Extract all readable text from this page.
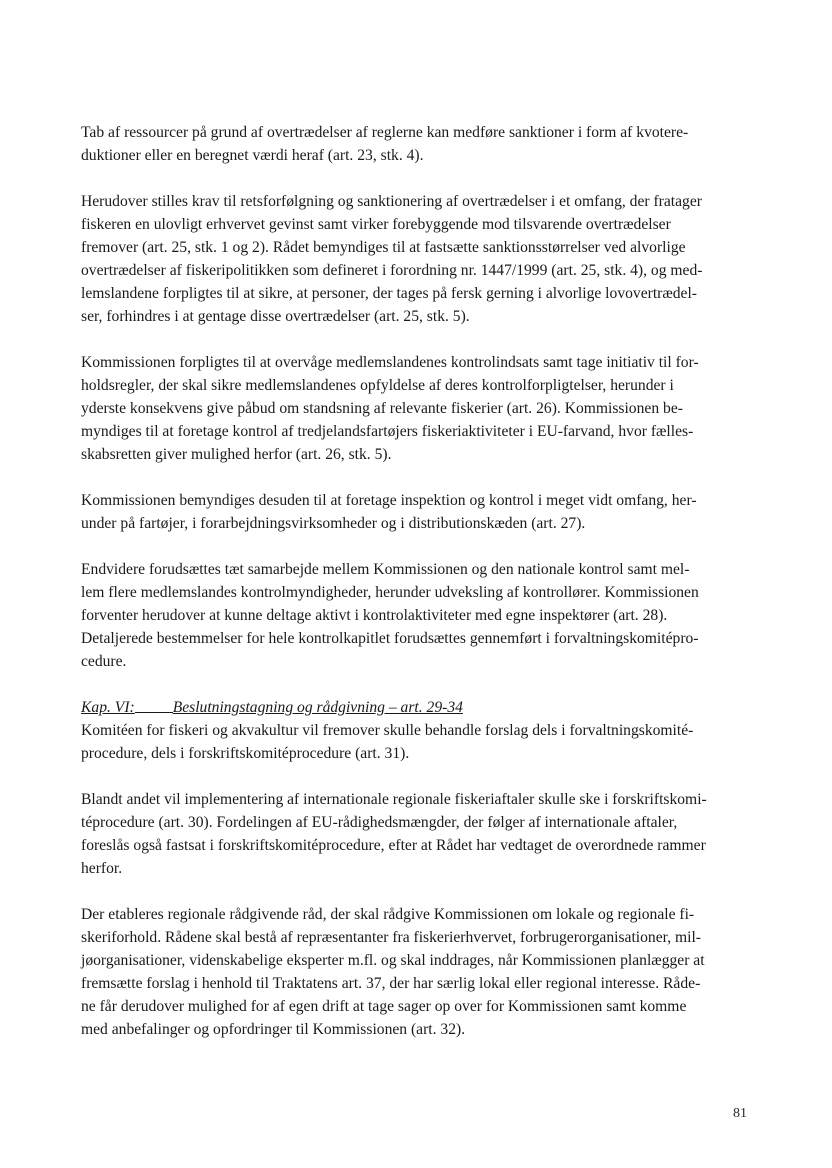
Tab af ressourcer på grund af overtrædelser af reglerne kan medføre sanktioner i form af kvotere-
duktioner eller en beregnet værdi heraf (art. 23, stk. 4).
Herudover stilles krav til retsforfølgning og sanktionering af overtrædelser i et omfang, der fratager
fiskeren en ulovligt erhvervet gevinst samt virker forebyggende mod tilsvarende overtrædelser
fremover (art. 25, stk. 1 og 2). Rådet bemyndiges til at fastsætte sanktionsstørrelser ved alvorlige
overtrædelser af fiskeripolitikken som defineret i forordning nr. 1447/1999 (art. 25, stk. 4), og med-
lemslandene forpligtes til at sikre, at personer, der tages på fersk gerning i alvorlige lovovertrædel-
ser, forhindres i at gentage disse overtrædelser (art. 25, stk. 5).
Kommissionen forpligtes til at overvåge medlemslandenes kontrolindsats samt tage initiativ til for-
holdsregler, der skal sikre medlemslandenes opfyldelse af deres kontrolforpligtelser, herunder i
yderste konsekvens give påbud om standsning af relevante fiskerier (art. 26). Kommissionen be-
myndiges til at foretage kontrol af tredjelandsfartøjers fiskeriaktiviteter i EU-farvand, hvor fælles-
skabsretten giver mulighed herfor (art. 26, stk. 5).
Kommissionen bemyndiges desuden til at foretage inspektion og kontrol i meget vidt omfang, her-
under på fartøjer, i forarbejdningsvirksomheder og i distributionskæden (art. 27).
Endvidere forudsættes tæt samarbejde mellem Kommissionen og den nationale kontrol samt mel-
lem flere medlemslandes kontrolmyndigheder, herunder udveksling af kontrollører. Kommissionen
forventer herudover at kunne deltage aktivt i kontrolaktiviteter med egne inspektører (art. 28).
Detaljerede bestemmelser for hele kontrolkapitlet forudsættes gennemført i forvaltningskomitépro-
cedure.
Kap. VI: Beslutningstagning og rådgivning – art. 29-34
Komitéen for fiskeri og akvakultur vil fremover skulle behandle forslag dels i forvaltningskomité-
procedure, dels i forskriftskomitéprocedure (art. 31).
Blandt andet vil implementering af internationale regionale fiskeriaftaler skulle ske i forskriftskomi-
téprocedure (art. 30). Fordelingen af EU-rådighedsmængder, der følger af internationale aftaler,
foreslås også fastsat i forskriftskomitéprocedure, efter at Rådet har vedtaget de overordnede rammer
herfor.
Der etableres regionale rådgivende råd, der skal rådgive Kommissionen om lokale og regionale fi-
skeriforhold. Rådene skal bestå af repræsentanter fra fiskerierhvervet, forbrugerorganisationer, mil-
jøorganisationer, videnskabelige eksperter m.fl. og skal inddrages, når Kommissionen planlægger at
fremsætte forslag i henhold til Traktatens art. 37, der har særlig lokal eller regional interesse. Råde-
ne får derudover mulighed for af egen drift at tage sager op over for Kommissionen samt komme
med anbefalinger og opfordringer til Kommissionen (art. 32).
81
